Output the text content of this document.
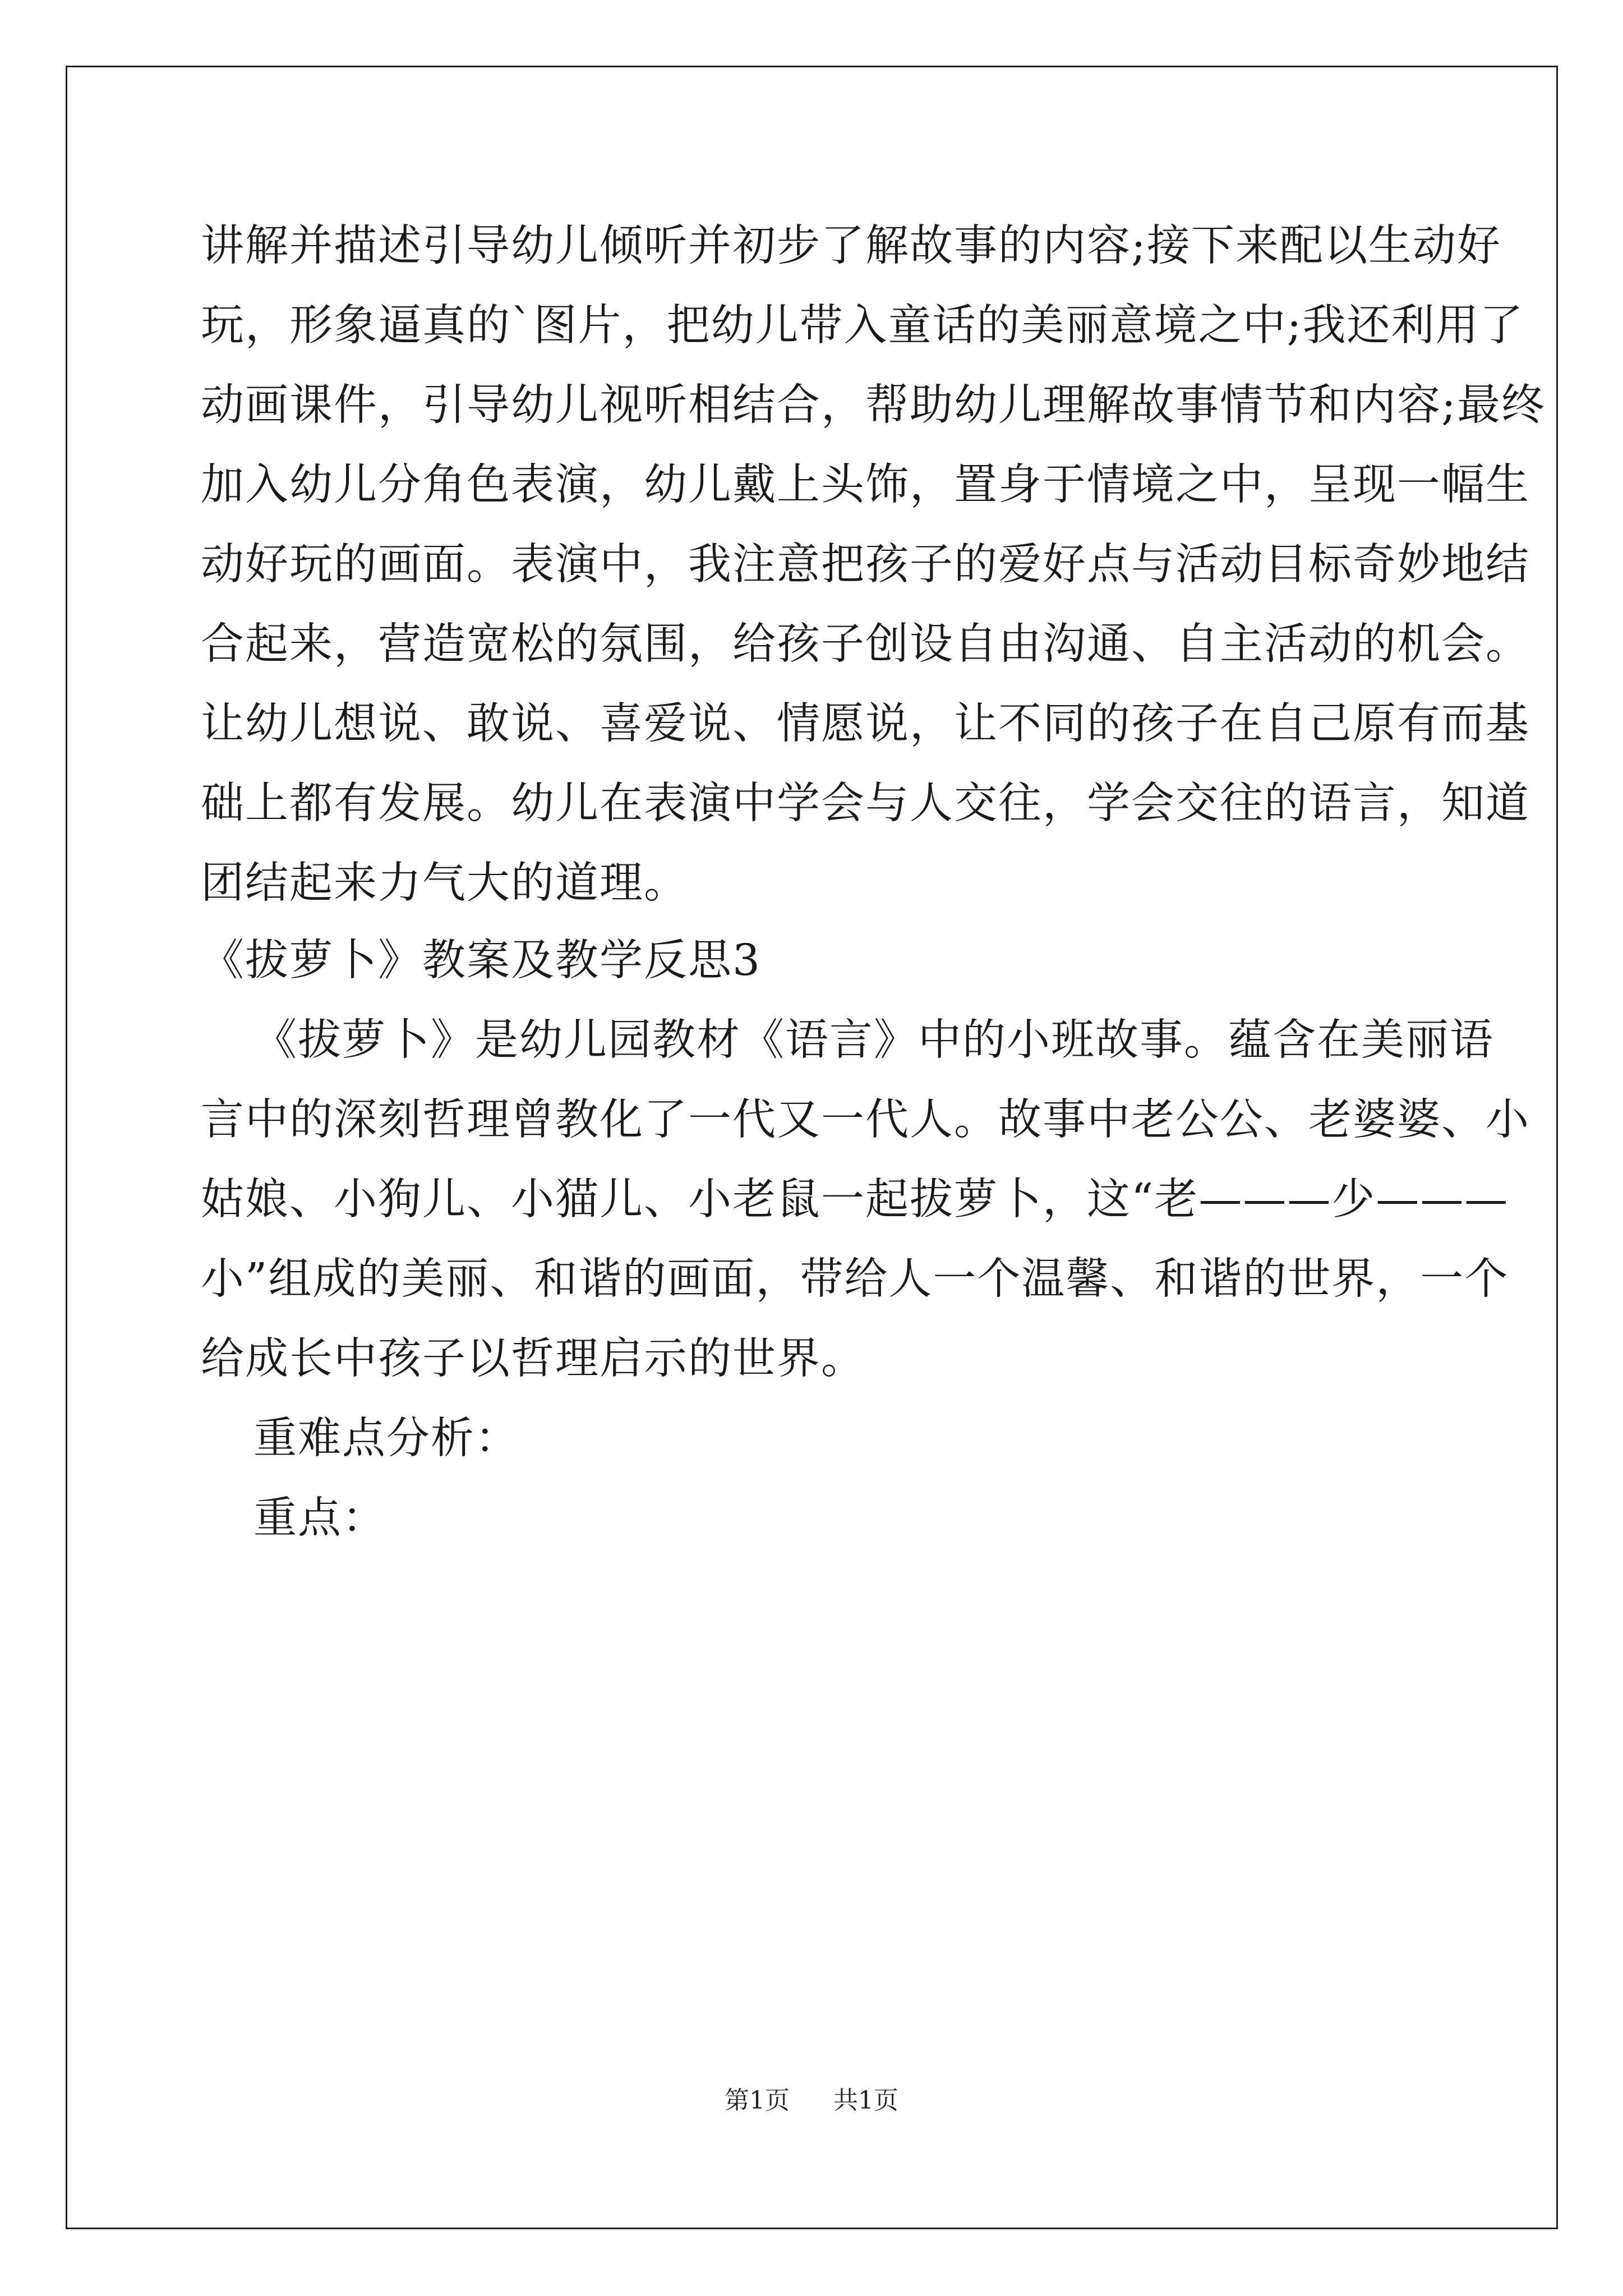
讲解并描述引导幼儿倾听并初步了解故事的内容;接下来配以生动好
玩，形象逼真的`图片，把幼儿带入童话的美丽意境之中;我还利用了
动画课件，引导幼儿视听相结合，帮助幼儿理解故事情节和内容;最终
加入幼儿分角色表演，幼儿戴上头饰，置身于情境之中，呈现一幅生
动好玩的画面。表演中，我注意把孩子的爱好点与活动目标奇妙地结
合起来，营造宽松的氛围，给孩子创设自由沟通、自主活动的机会。
让幼儿想说、敢说、喜爱说、情愿说，让不同的孩子在自己原有而基
础上都有发展。幼儿在表演中学会与人交往，学会交往的语言，知道
团结起来力气大的道理。
《拔萝卜》教案及教学反思3
《拔萝卜》是幼儿园教材《语言》中的小班故事。蕴含在美丽语
言中的深刻哲理曾教化了一代又一代人。故事中老公公、老婆婆、小
姑娘、小狗儿、小猫儿、小老鼠一起拔萝卜，这“老———少———
小”组成的美丽、和谐的画面，带给人一个温馨、和谐的世界，一个
给成长中孩子以哲理启示的世界。
重难点分析：
重点：
第1页 共1页
